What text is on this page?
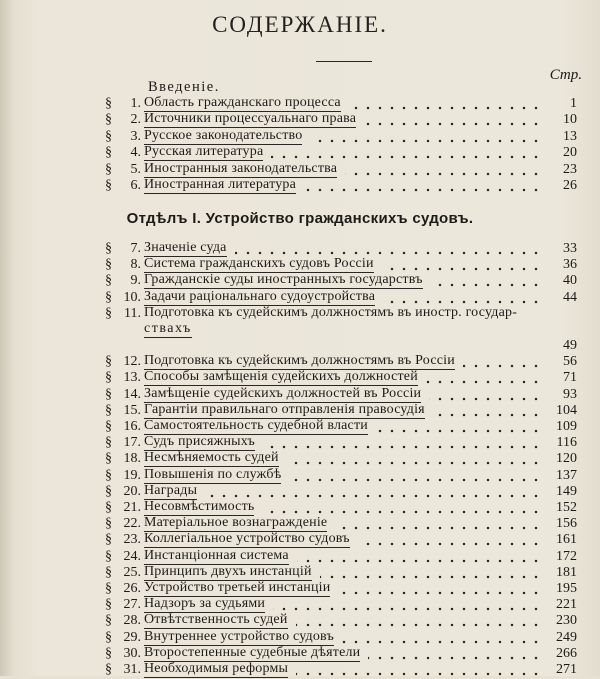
СОДЕРЖАНІЕ.
Стр.
Введеніе.
§	1. Область гражданскаго процесса	1
§	2. Источники процессуальнаго права	10
§	3. Русское законодательство	13
§	4. Русская литература	20
§	5. Иностранныя законодательства	23
§	6. Иностранная литература	26
Отдѣлъ I. Устройство гражданскихъ судовъ.
§	7. Значеніе суда	33
§	8. Система гражданскихъ судовъ Россіи	36
§	9. Гражданскіе суды иностранныхъ государствъ	40
§ 10. Задачи раціональнаго судоустройства	44
§ 11. Подготовка къ судейскимъ должностямъ въ иностр. государ-
ствахъ
49
§ 12. Подготовка къ судейскимъ должностямъ въ Россіи	56
§ 13. Способы замѣщенія судейскихъ должностей	71
§ 14. Замѣщеніе судейскихъ должностей въ Россіи	93
§ 15. Гарантіи правильнаго отправленія правосудія	104
§ 16. Самостоятельность судебной власти	109
§ 17. Судъ присяжныхъ	116
§ 18. Несмѣняемость судей	120
§ 19. Повышенія по службѣ	137
§ 20. Награды	149
§ 21. Несовмѣстимость	152
§ 22. Матеріальное вознагражденіе	156
§ 23. Коллегіальное устройство судовъ	161
§ 24. Инстанціонная система	172
§ 25. Принципъ двухъ инстанцій	181
§ 26. Устройство третьей инстанціи	195
§ 27. Надзоръ за судьями	221
§ 28. Отвѣтственность судей	230
§ 29. Внутреннее устройство судовъ	249
§ 30. Второстепенные судебные дѣятели	266
§ 31. Необходимыя реформы	271
